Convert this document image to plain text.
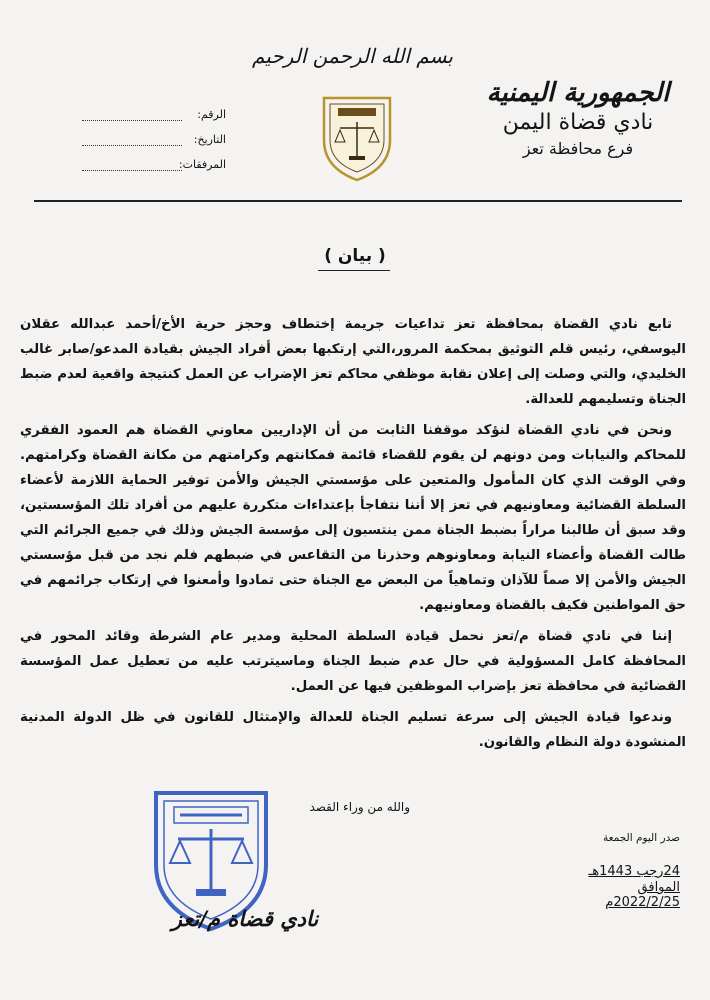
الجمهورية اليمنية
نادي قضاة اليمن
فرع محافظة تعز
بسم الله الرحمن الرحيم
الرقم:
التاريخ:
المرفقات:
( بيان )

تابع نادي القضاة بمحافظة تعز تداعيات جريمة إختطاف وحجز حرية الأخ/أحمد عبدالله عقلان اليوسفي، رئيس قلم التوثيق بمحكمة المرور،التي إرتكبها بعض أفراد الجيش بقيادة المدعو/صابر غالب الخليدي، والتي وصلت إلى إعلان نقابة موظفي محاكم تعز الإضراب عن العمل كنتيجة واقعية لعدم ضبط الجناة وتسليمهم للعدالة.

ونحن في نادي القضاة لنؤكد موقفنا الثابت من أن الإداريين معاوني القضاة هم العمود الفقري للمحاكم والنيابات ومن دونهم لن يقوم للقضاء قائمة فمكانتهم وكرامتهم من مكانة القضاة وكرامتهم. وفي الوقت الذي كان المأمول والمتعين على مؤسستي الجيش والأمن توفير الحماية اللازمة لأعضاء السلطة القضائية ومعاونيهم في تعز إلا أننا نتفاجأ بإعتداءات متكررة عليهم من أفراد تلك المؤسستين، وقد سبق أن طالبنا مراراً بضبط الجناة ممن ينتسبون إلى مؤسسة الجيش وذلك في جميع الجرائم التي طالت القضاة وأعضاء النيابة ومعاونوهم وحذرنا من التقاعس في ضبطهم فلم نجد من قبل مؤسستي الجيش والأمن إلا صماً للآذان وتماهياً من البعض مع الجناة حتى تمادوا وأمعنوا في إرتكاب جرائمهم في حق المواطنين فكيف بالقضاة ومعاونيهم.

إننا في نادي قضاة م/تعز نحمل قيادة السلطة المحلية ومدير عام الشرطة وقائد المحور في المحافظة كامل المسؤولية في حال عدم ضبط الجناة وماسيترتب عليه من تعطيل عمل المؤسسة القضائية في محافظة تعز بإضراب الموظفين فيها عن العمل.

وندعوا قيادة الجيش إلى سرعة تسليم الجناة للعدالة والإمتثال للقانون في ظل الدولة المدنية المنشودة دولة النظام والقانون.

والله من وراء القصد
صدر اليوم الجمعة
24رجب 1443هـ
الموافق 2022/2/25م
نادي قضاة م/تعز
